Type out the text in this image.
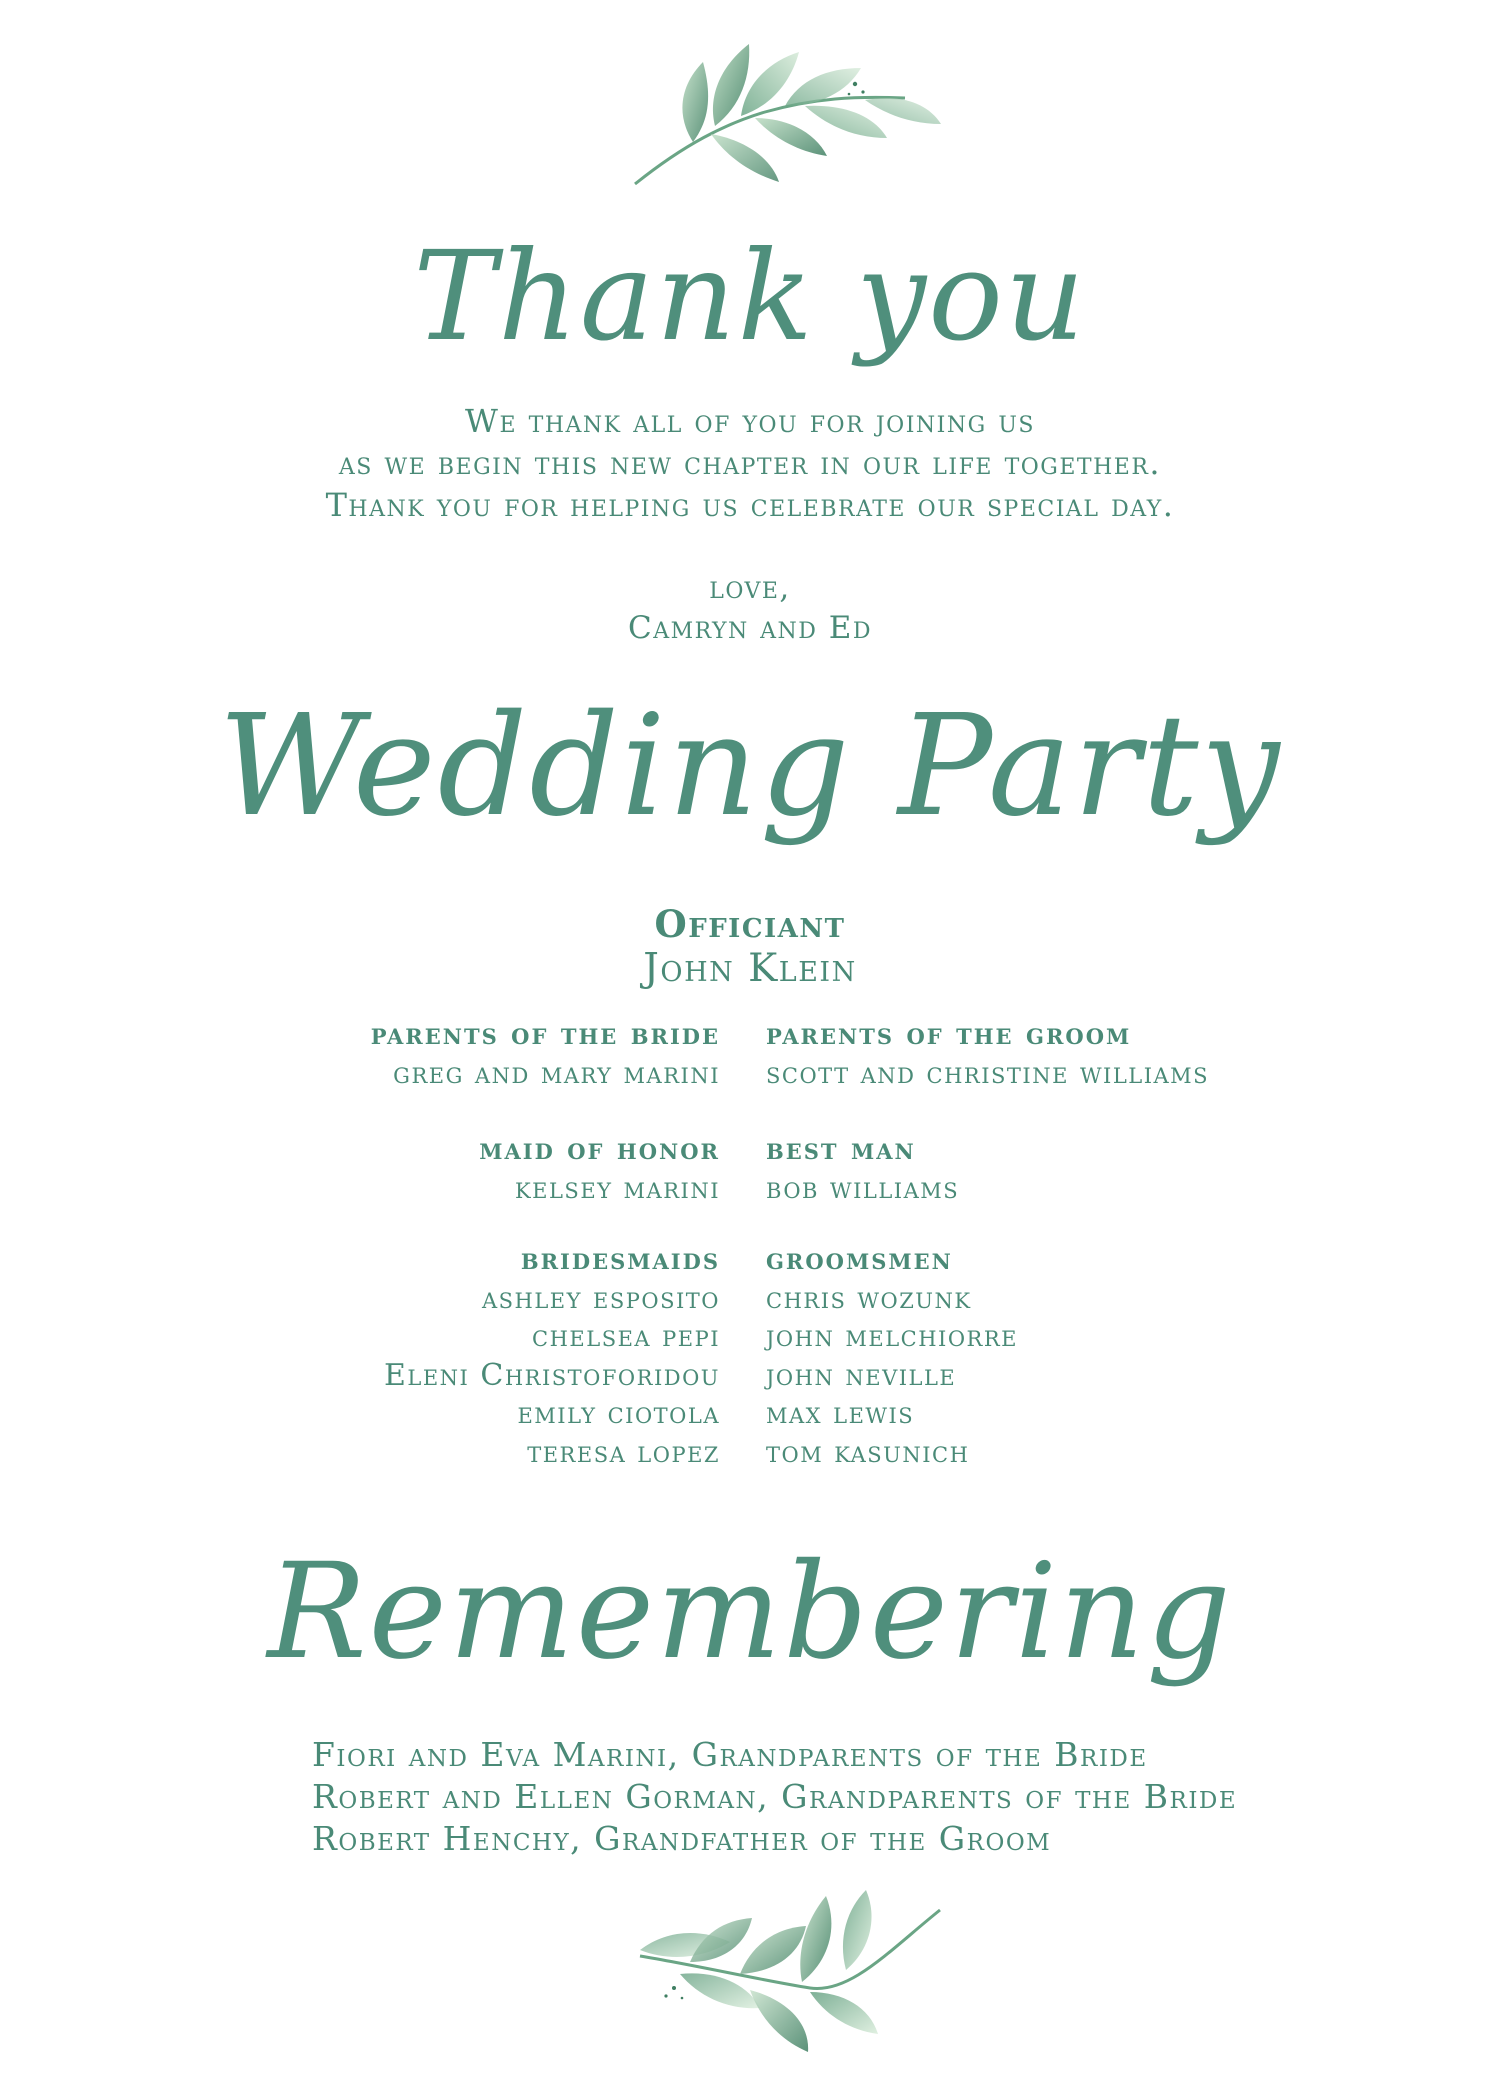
Thank you
We thank all of you for joining us
as we begin this new chapter in our life together.
Thank you for helping us celebrate our special day.
love,
Camryn and Ed
Wedding Party
Officiant
John Klein
parents of the bride
greg and mary marini
maid of honor
kelsey marini
bridesmaids
ashley esposito
chelsea pepi
Eleni Christoforidou
emily ciotola
teresa lopez
parents of the groom
scott and christine williams
best man
bob williams
groomsmen
chris wozunk
john melchiorre
john neville
max lewis
tom kasunich
Remembering
Fiori and Eva Marini, Grandparents of the Bride
Robert and Ellen Gorman, Grandparents of the Bride
Robert Henchy, Grandfather of the Groom
